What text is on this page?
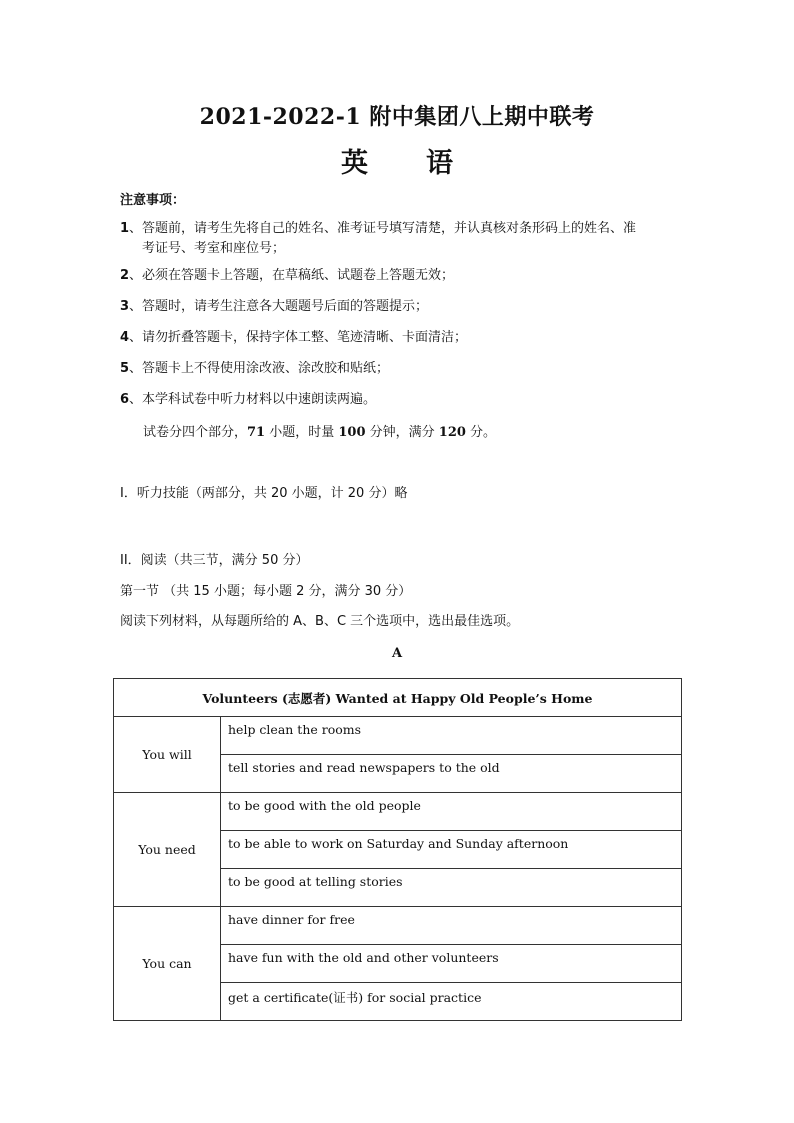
2021-2022-1 附中集团八上期中联考
英 语
注意事项：
1、答题前，请考生先将自己的姓名、准考证号填写清楚，并认真核对条形码上的姓名、准
考证号、考室和座位号；
2、必须在答题卡上答题，在草稿纸、试题卷上答题无效；
3、答题时，请考生注意各大题题号后面的答题提示；
4、请勿折叠答题卡，保持字体工整、笔迹清晰、卡面清洁；
5、答题卡上不得使用涂改液、涂改胶和贴纸；
6、本学科试卷中听力材料以中速朗读两遍。
试卷分四个部分，71 小题，时量 100 分钟，满分 120 分。
I．听力技能（两部分，共 20 小题，计 20 分）略
II．阅读（共三节，满分 50 分）
第一节 （共 15 小题；每小题 2 分，满分 30 分）
阅读下列材料，从每题所给的 A、B、C 三个选项中，选出最佳选项。
A
Volunteers (志愿者) Wanted at Happy Old People’s Home	
You will	help clean the rooms
	tell stories and read newspapers to the old
You need	to be good with the old people
	to be able to work on Saturday and Sunday afternoon
	to be good at telling stories
You can	have dinner for free
	have fun with the old and other volunteers
	get a certificate(证书) for social practice
